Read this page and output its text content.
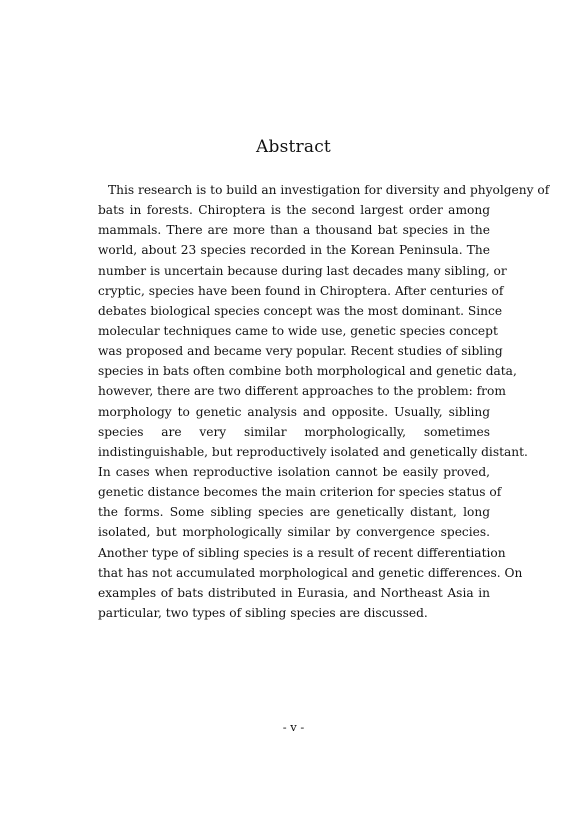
Abstract
This research is to build an investigation for diversity and phyolgeny of
bats in forests. Chiroptera is the second largest order among
mammals. There are more than a thousand bat species in the
world, about 23 species recorded in the Korean Peninsula. The
number is uncertain because during last decades many sibling, or
cryptic, species have been found in Chiroptera. After centuries of
debates biological species concept was the most dominant. Since
molecular techniques came to wide use, genetic species concept
was proposed and became very popular. Recent studies of sibling
species in bats often combine both morphological and genetic data,
however, there are two different approaches to the problem: from
morphology to genetic analysis and opposite. Usually, sibling
species are very similar morphologically, sometimes
indistinguishable, but reproductively isolated and genetically distant.
In cases when reproductive isolation cannot be easily proved,
genetic distance becomes the main criterion for species status of
the forms. Some sibling species are genetically distant, long
isolated, but morphologically similar by convergence species.
Another type of sibling species is a result of recent differentiation
that has not accumulated morphological and genetic differences. On
examples of bats distributed in Eurasia, and Northeast Asia in
particular, two types of sibling species are discussed.

- v -
